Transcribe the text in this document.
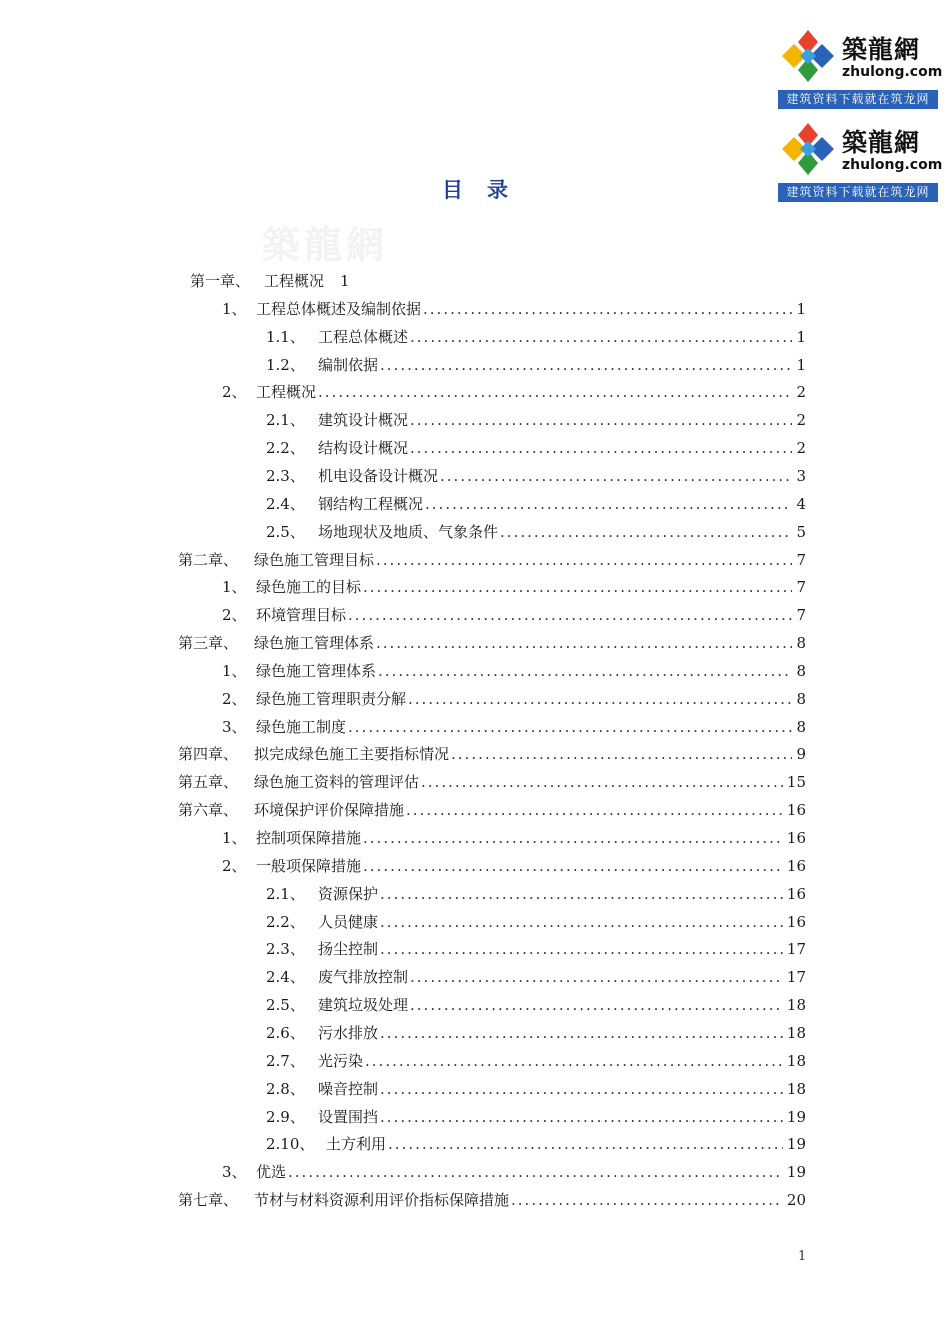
築龍網
zhulong.com
建筑资料下载就在筑龙网
築龍網
zhulong.com
建筑资料下载就在筑龙网
築龍網
目录
第一章、 工程概况 1
1、 工程总体概述及编制依据 .....	1
1.1、 工程总体概述 .....	1
1.2、 编制依据 .....	1
2、 工程概况 .....	2
2.1、 建筑设计概况 .....	2
2.2、 结构设计概况 .....	2
2.3、 机电设备设计概况 .....	3
2.4、 钢结构工程概况 .....	4
2.5、 场地现状及地质、气象条件 .....	5
第二章、	绿色施工管理目标 .....	7
1、 绿色施工的目标 .....	7
2、 环境管理目标 .....	7
第三章、	绿色施工管理体系 .....	8
1、 绿色施工管理体系 .....	8
2、 绿色施工管理职责分解 .....	8
3、 绿色施工制度 .....	8
第四章、	拟完成绿色施工主要指标情况 .....	9
第五章、	绿色施工资料的管理评估 .....	15
第六章、	环境保护评价保障措施 .....	16
1、 控制项保障措施 .....	16
2、 一般项保障措施 .....	16
2.1、 资源保护 .....	16
2.2、 人员健康 .....	16
2.3、 扬尘控制 .....	17
2.4、 废气排放控制 .....	17
2.5、 建筑垃圾处理 .....	18
2.6、 污水排放 .....	18
2.7、 光污染 .....	18
2.8、 噪音控制 .....	18
2.9、 设置围挡 .....	19
2.10、 土方利用 .....	19
3、 优选 .....	19
第七章、	节材与材料资源利用评价指标保障措施 .....	20
1
